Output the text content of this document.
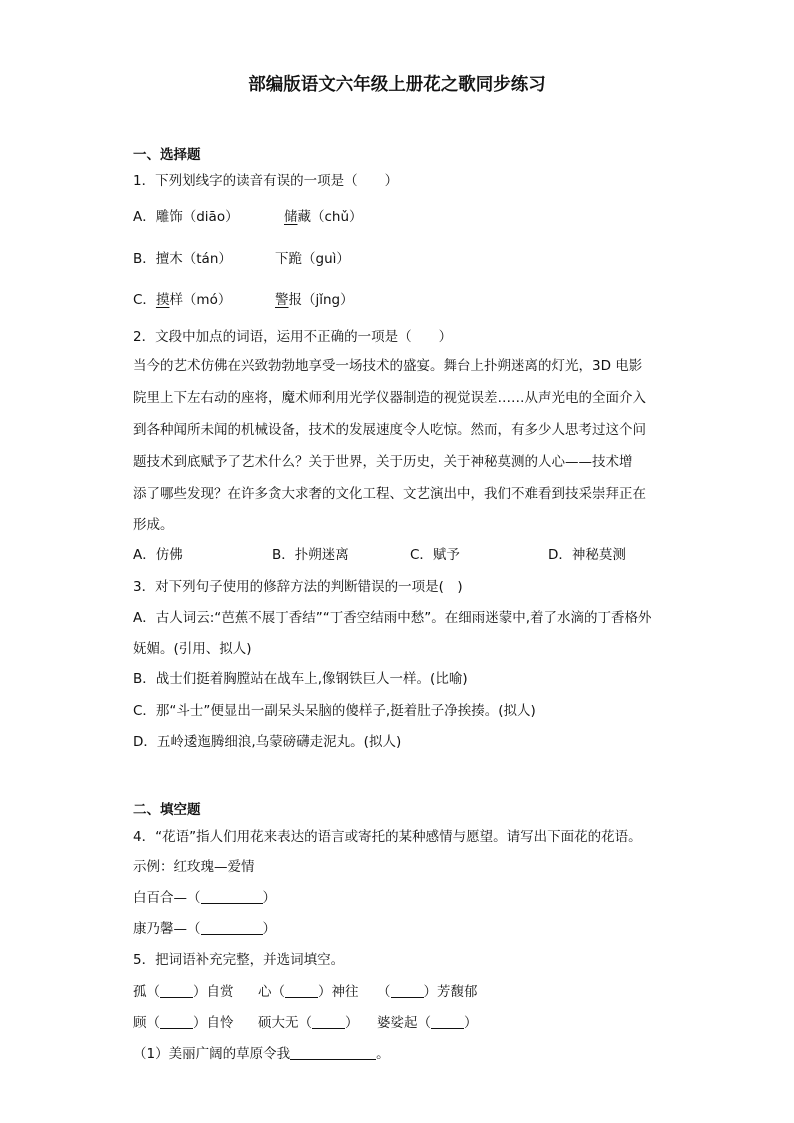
部编版语文六年级上册花之歌同步练习
一、选择题
1．下列划线字的读音有误的一项是（　　）
A．雕饰（diāo）	储藏（chǔ）
B．擅木（tán）	下跪（guì）
C．摸样（mó）	警报（jǐng）
2．文段中加点的词语，运用不正确的一项是（　　）
当今的艺术仿佛在兴致勃勃地享受一场技术的盛宴。舞台上扑朔迷离的灯光，3D 电影
院里上下左右动的座将，魔术师利用光学仪器制造的视觉误差……从声光电的全面介入
到各种闻所未闻的机械设备，技术的发展速度令人吃惊。然而，有多少人思考过这个问
题技术到底赋予了艺术什么？关于世界，关于历史，关于神秘莫测的人心——技术增
添了哪些发现？在许多贪大求奢的文化工程、文艺演出中，我们不难看到技采崇拜正在
形成。
A．仿佛	B．扑朔迷离	C．赋予	D．神秘莫测
3．对下列句子使用的修辞方法的判断错误的一项是(　)
A．古人词云:“芭蕉不展丁香结”“丁香空结雨中愁”。在细雨迷蒙中,着了水滴的丁香格外
妩媚。(引用、拟人)
B．战士们挺着胸膛站在战车上,像钢铁巨人一样。(比喻)
C．那“斗士”便显出一副呆头呆脑的傻样子,挺着肚子净挨揍。(拟人)
D．五岭逶迤腾细浪,乌蒙磅礴走泥丸。(拟人)
二、填空题
4．“花语”指人们用花来表达的语言或寄托的某种感情与愿望。请写出下面花的花语。
示例：红玫瑰—爱情
白百合—（	）
康乃馨—（	）
5．把词语补充完整，并选词填空。
孤（ ）自赏 心（ ）神往 （ ）芳馥郁
顾（ ）自怜 硕大无（ ） 婆娑起（ ）
（1）美丽广阔的草原令我	。
